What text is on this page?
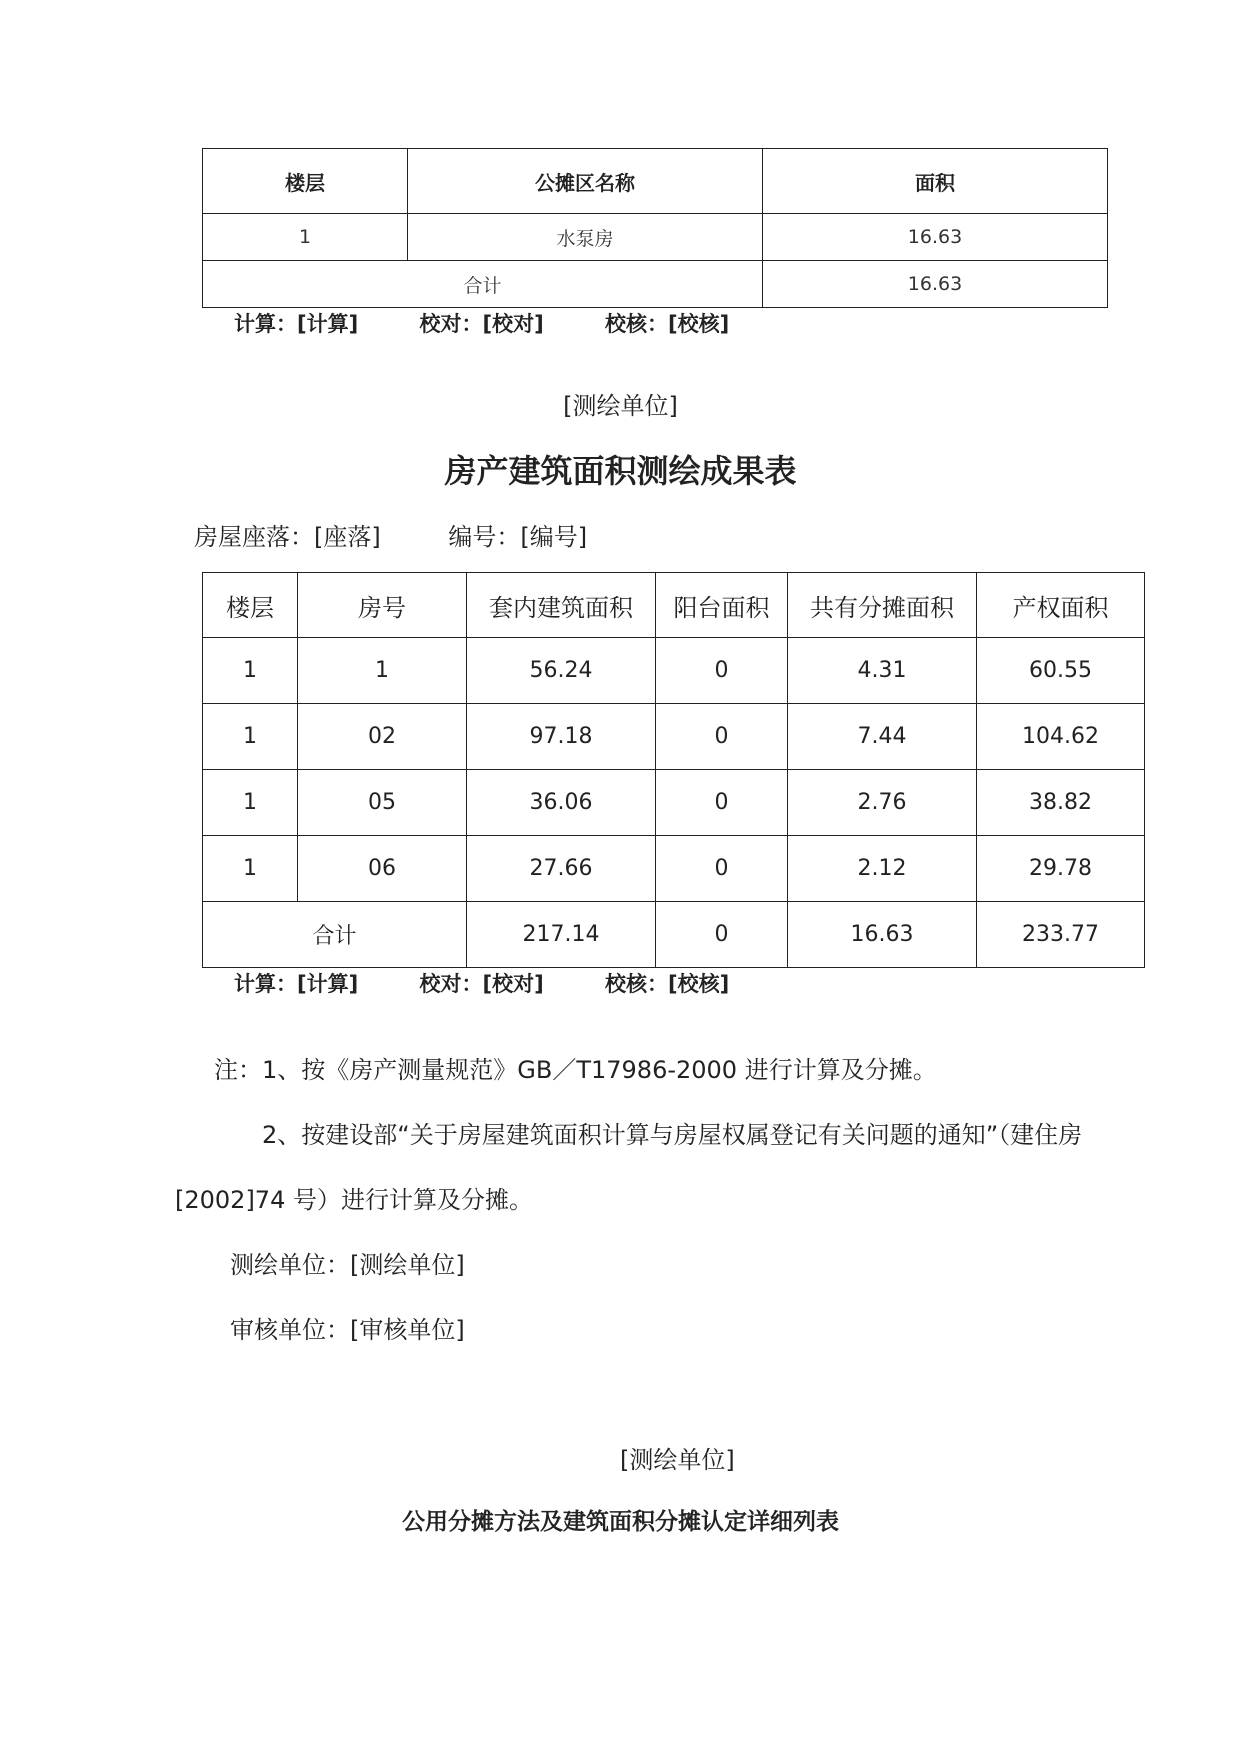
楼层	公摊区名称	面积
1	水泵房	16.63
合计		16.63
计算：[计算]	校对：[校对]	校核：[校核]
[测绘单位]
房产建筑面积测绘成果表
房屋座落：[座落]	编号：[编号]
楼层	房号	套内建筑面积	阳台面积	共有分摊面积	产权面积
1	1	56.24	0	4.31	60.55
1	02	97.18	0	7.44	104.62
1	05	36.06	0	2.76	38.82
1	06	27.66	0	2.12	29.78
合计		217.14	0	16.63	233.77
计算：[计算]	校对：[校对]	校核：[校核]
注：1、按《房产测量规范》GB／T17986-2000 进行计算及分摊。
2、按建设部“关于房屋建筑面积计算与房屋权属登记有关问题的通知”（建住房
[2002]74 号）进行计算及分摊。
测绘单位：[测绘单位]
审核单位：[审核单位]
[测绘单位]
公用分摊方法及建筑面积分摊认定详细列表
